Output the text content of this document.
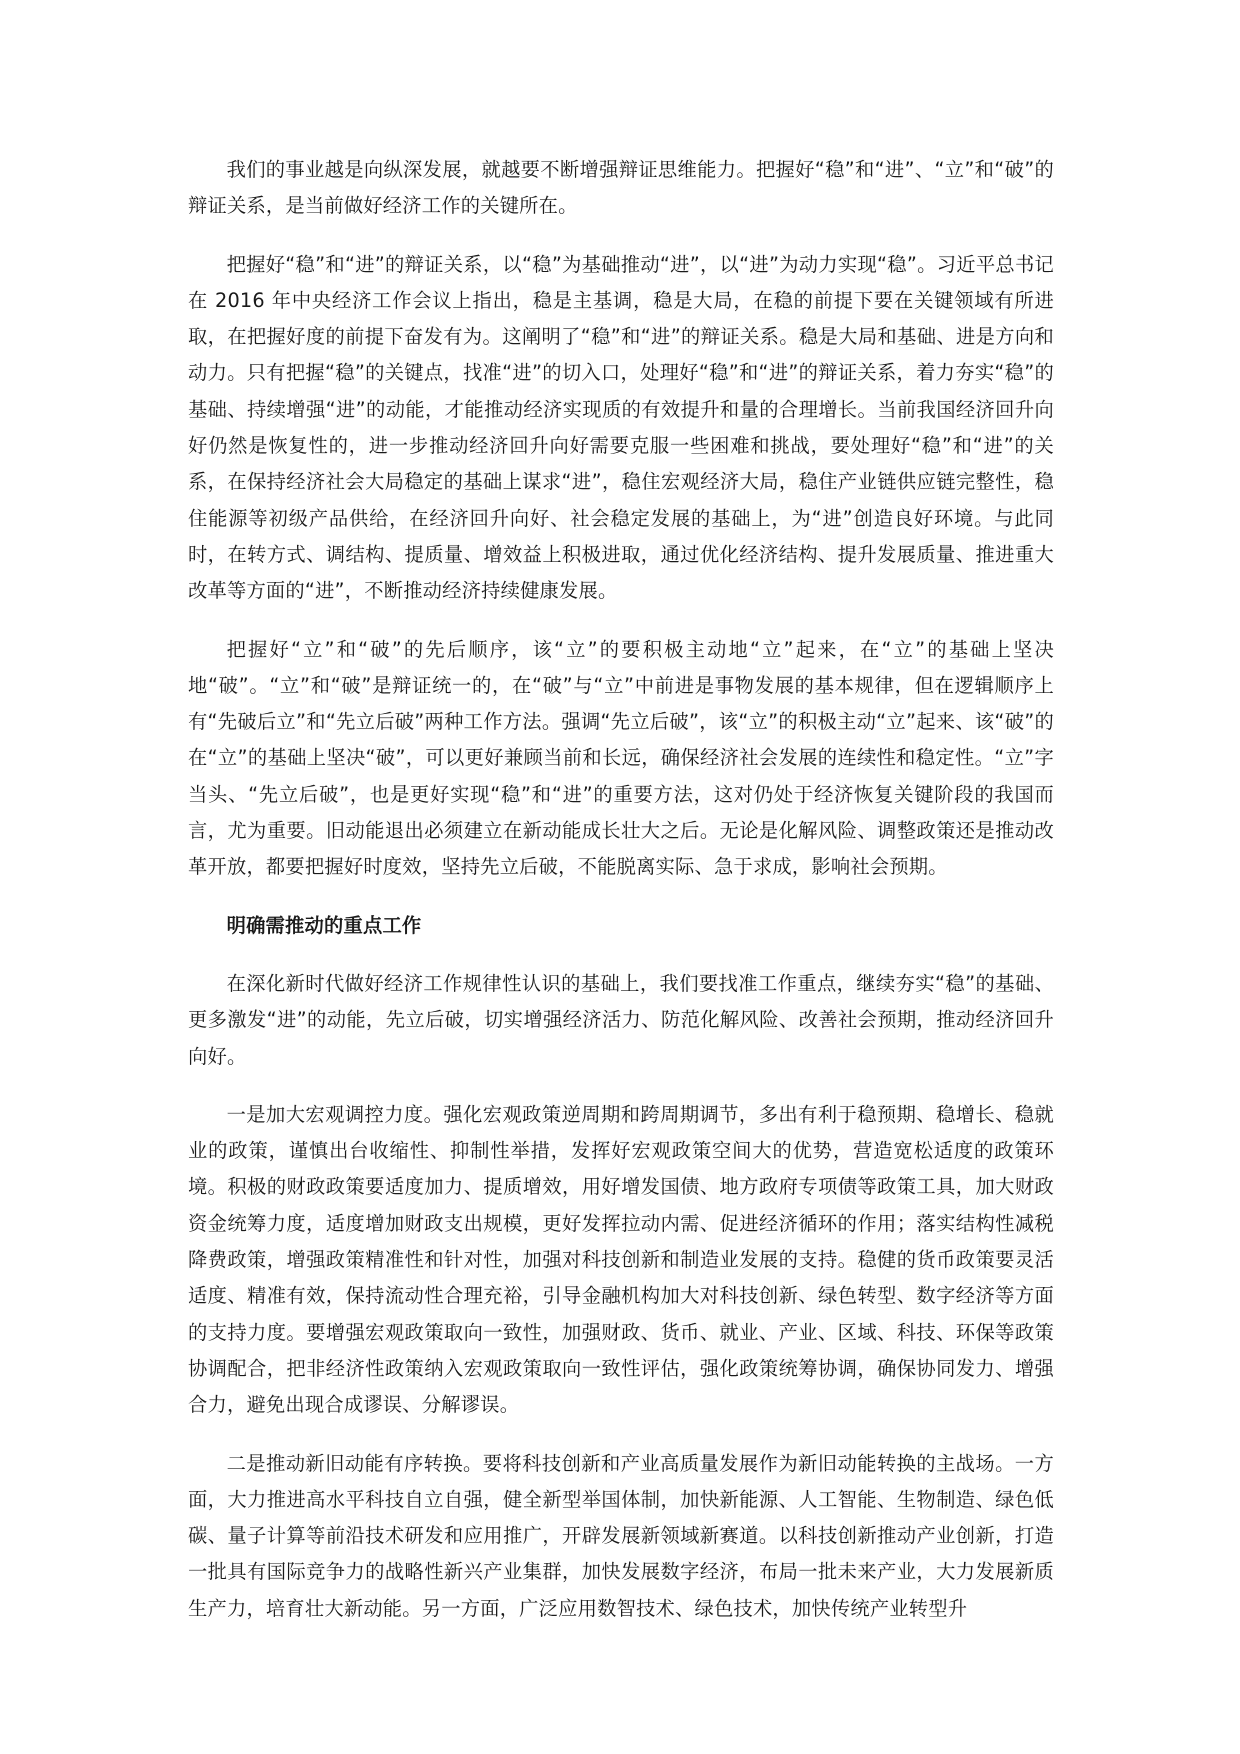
我们的事业越是向纵深发展，就越要不断增强辩证思维能力。把握好“稳”和“进”、“立”和“破”的辩证关系，是当前做好经济工作的关键所在。

把握好“稳”和“进”的辩证关系，以“稳”为基础推动“进”，以“进”为动力实现“稳”。习近平总书记在 2016 年中央经济工作会议上指出，稳是主基调，稳是大局，在稳的前提下要在关键领域有所进取，在把握好度的前提下奋发有为。这阐明了“稳”和“进”的辩证关系。稳是大局和基础、进是方向和动力。只有把握“稳”的关键点，找准“进”的切入口，处理好“稳”和“进”的辩证关系，着力夯实“稳”的基础、持续增强“进”的动能，才能推动经济实现质的有效提升和量的合理增长。当前我国经济回升向好仍然是恢复性的，进一步推动经济回升向好需要克服一些困难和挑战，要处理好“稳”和“进”的关系，在保持经济社会大局稳定的基础上谋求“进”，稳住宏观经济大局，稳住产业链供应链完整性，稳住能源等初级产品供给，在经济回升向好、社会稳定发展的基础上，为“进”创造良好环境。与此同时，在转方式、调结构、提质量、增效益上积极进取，通过优化经济结构、提升发展质量、推进重大改革等方面的“进”，不断推动经济持续健康发展。

把握好“立”和“破”的先后顺序，该“立”的要积极主动地“立”起来，在“立”的基础上坚决地“破”。“立”和“破”是辩证统一的，在“破”与“立”中前进是事物发展的基本规律，但在逻辑顺序上有“先破后立”和“先立后破”两种工作方法。强调“先立后破”，该“立”的积极主动“立”起来、该“破”的在“立”的基础上坚决“破”，可以更好兼顾当前和长远，确保经济社会发展的连续性和稳定性。“立”字当头、“先立后破”，也是更好实现“稳”和“进”的重要方法，这对仍处于经济恢复关键阶段的我国而言，尤为重要。旧动能退出必须建立在新动能成长壮大之后。无论是化解风险、调整政策还是推动改革开放，都要把握好时度效，坚持先立后破，不能脱离实际、急于求成，影响社会预期。

明确需推动的重点工作

在深化新时代做好经济工作规律性认识的基础上，我们要找准工作重点，继续夯实“稳”的基础、更多激发“进”的动能，先立后破，切实增强经济活力、防范化解风险、改善社会预期，推动经济回升向好。

一是加大宏观调控力度。强化宏观政策逆周期和跨周期调节，多出有利于稳预期、稳增长、稳就业的政策，谨慎出台收缩性、抑制性举措，发挥好宏观政策空间大的优势，营造宽松适度的政策环境。积极的财政政策要适度加力、提质增效，用好增发国债、地方政府专项债等政策工具，加大财政资金统筹力度，适度增加财政支出规模，更好发挥拉动内需、促进经济循环的作用；落实结构性减税降费政策，增强政策精准性和针对性，加强对科技创新和制造业发展的支持。稳健的货币政策要灵活适度、精准有效，保持流动性合理充裕，引导金融机构加大对科技创新、绿色转型、数字经济等方面的支持力度。要增强宏观政策取向一致性，加强财政、货币、就业、产业、区域、科技、环保等政策协调配合，把非经济性政策纳入宏观政策取向一致性评估，强化政策统筹协调，确保协同发力、增强合力，避免出现合成谬误、分解谬误。

二是推动新旧动能有序转换。要将科技创新和产业高质量发展作为新旧动能转换的主战场。一方面，大力推进高水平科技自立自强，健全新型举国体制，加快新能源、人工智能、生物制造、绿色低碳、量子计算等前沿技术研发和应用推广，开辟发展新领域新赛道。以科技创新推动产业创新，打造一批具有国际竞争力的战略性新兴产业集群，加快发展数字经济，布局一批未来产业，大力发展新质生产力，培育壮大新动能。另一方面，广泛应用数智技术、绿色技术，加快传统产业转型升
